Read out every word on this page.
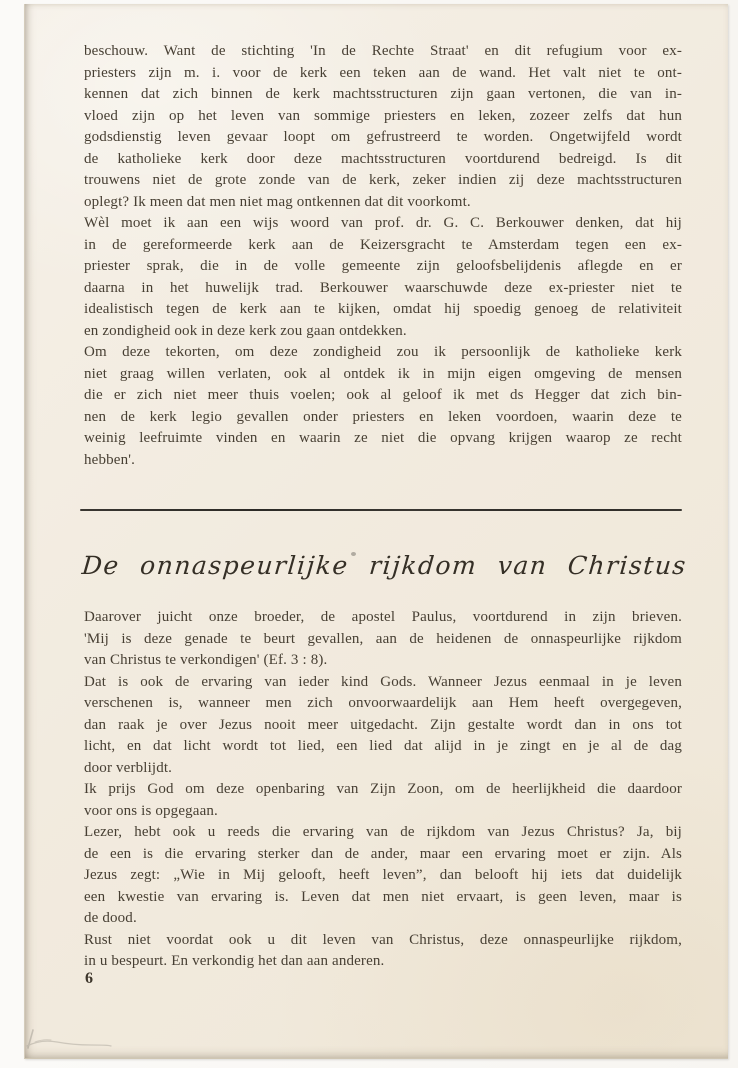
beschouw. Want de stichting 'In de Rechte Straat' en dit refugium voor ex-
priesters zijn m. i. voor de kerk een teken aan de wand. Het valt niet te ont-
kennen dat zich binnen de kerk machtsstructuren zijn gaan vertonen, die van in-
vloed zijn op het leven van sommige priesters en leken, zozeer zelfs dat hun
godsdienstig leven gevaar loopt om gefrustreerd te worden. Ongetwijfeld wordt
de katholieke kerk door deze machtsstructuren voortdurend bedreigd. Is dit
trouwens niet de grote zonde van de kerk, zeker indien zij deze machtsstructuren
oplegt? Ik meen dat men niet mag ontkennen dat dit voorkomt.
Wèl moet ik aan een wijs woord van prof. dr. G. C. Berkouwer denken, dat hij
in de gereformeerde kerk aan de Keizersgracht te Amsterdam tegen een ex-
priester sprak, die in de volle gemeente zijn geloofsbelijdenis aflegde en er
daarna in het huwelijk trad. Berkouwer waarschuwde deze ex-priester niet te
idealistisch tegen de kerk aan te kijken, omdat hij spoedig genoeg de relativiteit
en zondigheid ook in deze kerk zou gaan ontdekken.
Om deze tekorten, om deze zondigheid zou ik persoonlijk de katholieke kerk
niet graag willen verlaten, ook al ontdek ik in mijn eigen omgeving de mensen
die er zich niet meer thuis voelen; ook al geloof ik met ds Hegger dat zich bin-
nen de kerk legio gevallen onder priesters en leken voordoen, waarin deze te
weinig leefruimte vinden en waarin ze niet die opvang krijgen waarop ze recht
hebben'.
De onnaspeurlijke rijkdom van Christus
Daarover juicht onze broeder, de apostel Paulus, voortdurend in zijn brieven.
'Mij is deze genade te beurt gevallen, aan de heidenen de onnaspeurlijke rijkdom
van Christus te verkondigen' (Ef. 3 : 8).
Dat is ook de ervaring van ieder kind Gods. Wanneer Jezus eenmaal in je leven
verschenen is, wanneer men zich onvoorwaardelijk aan Hem heeft overgegeven,
dan raak je over Jezus nooit meer uitgedacht. Zijn gestalte wordt dan in ons tot
licht, en dat licht wordt tot lied, een lied dat alijd in je zingt en je al de dag
door verblijdt.
Ik prijs God om deze openbaring van Zijn Zoon, om de heerlijkheid die daardoor
voor ons is opgegaan.
Lezer, hebt ook u reeds die ervaring van de rijkdom van Jezus Christus? Ja, bij
de een is die ervaring sterker dan de ander, maar een ervaring moet er zijn. Als
Jezus zegt: „Wie in Mij gelooft, heeft leven”, dan belooft hij iets dat duidelijk
een kwestie van ervaring is. Leven dat men niet ervaart, is geen leven, maar is
de dood.
Rust niet voordat ook u dit leven van Christus, deze onnaspeurlijke rijkdom,
in u bespeurt. En verkondig het dan aan anderen.
6
